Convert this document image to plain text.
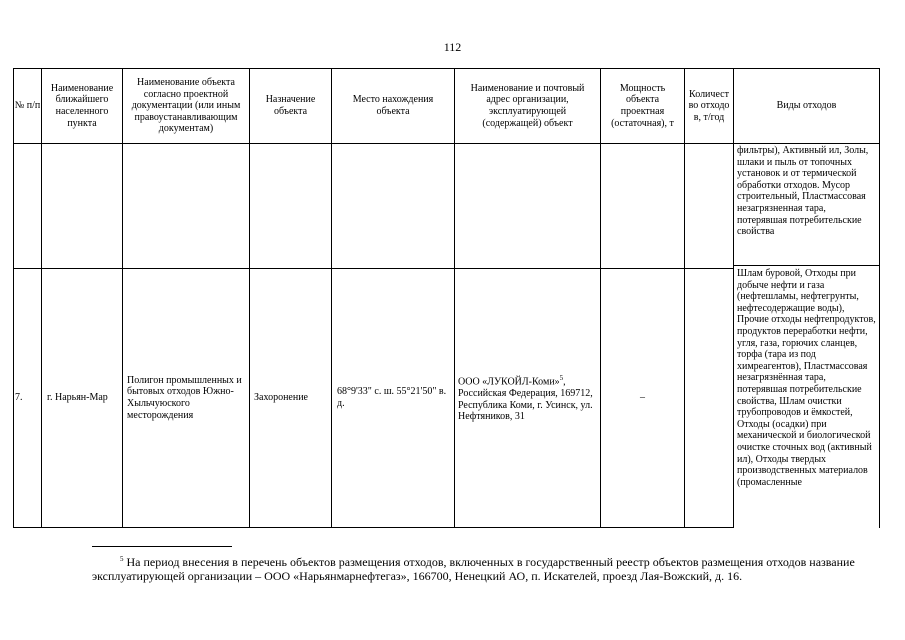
112
№ п/п
Наименование ближайшего населенного пункта
Наименование объекта согласно проектной документации (или иным правоустанавливающим документам)
Назначение объекта
Место нахождения объекта
Наименование и почтовый адрес организации, эксплуатирующей (содержащей) объект
Мощность объекта проектная (остаточная), т
Количество отходов, т/год
Виды отходов
фильтры), Активный ил, Золы, шлаки и пыль от топочных установок и от термической обработки отходов. Мусор строительный, Пластмассовая незагрязненная тара, потерявшая потребительские свойства
7.	г. Нарьян-Мар
Полигон промышленных и бытовых отходов Южно-Хыльчуюского месторождения
Захоронение
68°9'33" с. ш. 55°21'50" в. д.
ООО «ЛУКОЙЛ-Коми»$^5$, Российская Федерация, 169712, Республика Коми, г. Усинск, ул. Нефтяников, 31
–
Шлам буровой, Отходы при добыче нефти и газа (нефтешламы, нефтегрунты, нефтесодержащие воды), Прочие отходы нефтепродуктов, продуктов переработки нефти, угля, газа, горючих сланцев, торфа (тара из под химреагентов), Пластмассовая незагрязнённая тара, потерявшая потребительские свойства, Шлам очистки трубопроводов и ёмкостей, Отходы (осадки) при механической и биологической очистке сточных вод (активный ил), Отходы твердых производственных материалов (промасленные
$^5$ На период внесения в перечень объектов размещения отходов, включенных в государственный реестр объектов размещения отходов название эксплуатирующей организации – ООО «Нарьянмарнефтегаз», 166700, Ненецкий АО, п. Искателей, проезд Лая-Вожский, д. 16.
